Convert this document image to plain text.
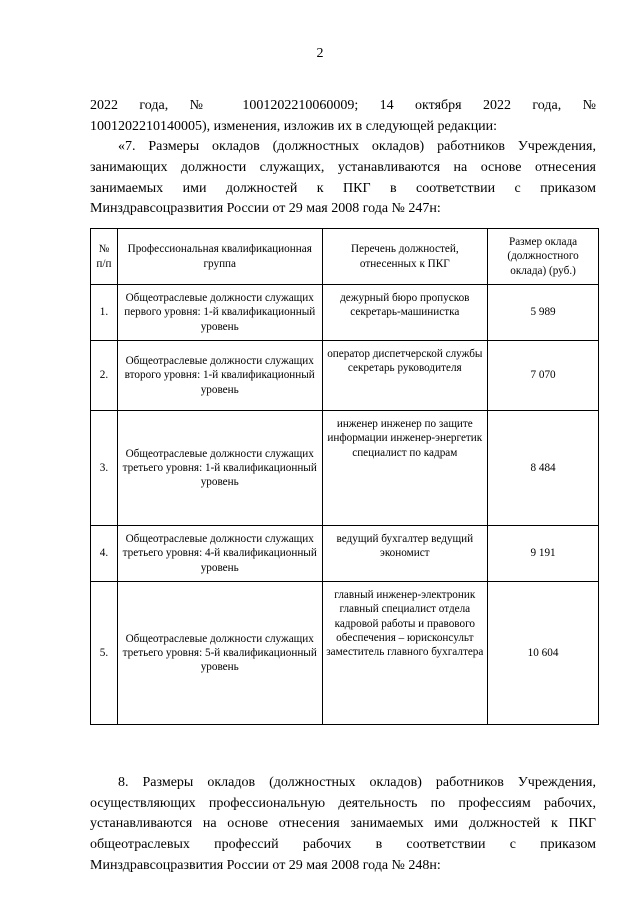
2
2022 года, № 1001202210060009; 14 октября 2022 года, №
1001202210140005), изменения, изложив их в следующей редакции:
«7. Размеры окладов (должностных окладов) работников Учреждения,
занимающих должности служащих, устанавливаются на основе отнесения
занимаемых ими должностей к ПКГ в соответствии с приказом
Минздравсоцразвития России от 29 мая 2008 года № 247н:
№ п/п	Профессиональная квалификационная группа	Перечень должностей, отнесенных к ПКГ	Размер оклада (должностного оклада) (руб.)
1.	Общеотраслевые должности служащих первого уровня: 1-й квалификационный уровень	дежурный бюро пропусков секретарь-машинистка	5 989
2.	Общеотраслевые должности служащих второго уровня: 1-й квалификационный уровень	оператор диспетчерской службы секретарь руководителя	7 070
3.	Общеотраслевые должности служащих третьего уровня: 1-й квалификационный уровень	инженер инженер по защите информации инженер-энергетик специалист по кадрам	8 484
4.	Общеотраслевые должности служащих третьего уровня: 4-й квалификационный уровень	ведущий бухгалтер ведущий экономист	9 191
5.	Общеотраслевые должности служащих третьего уровня: 5-й квалификационный уровень	главный инженер-электроник главный специалист отдела кадровой работы и правового обеспечения – юрисконсульт заместитель главного бухгалтера	10 604
8. Размеры окладов (должностных окладов) работников Учреждения,
осуществляющих профессиональную деятельность по профессиям рабочих,
устанавливаются на основе отнесения занимаемых ими должностей к ПКГ
общеотраслевых профессий рабочих в соответствии с приказом
Минздравсоцразвития России от 29 мая 2008 года № 248н:
